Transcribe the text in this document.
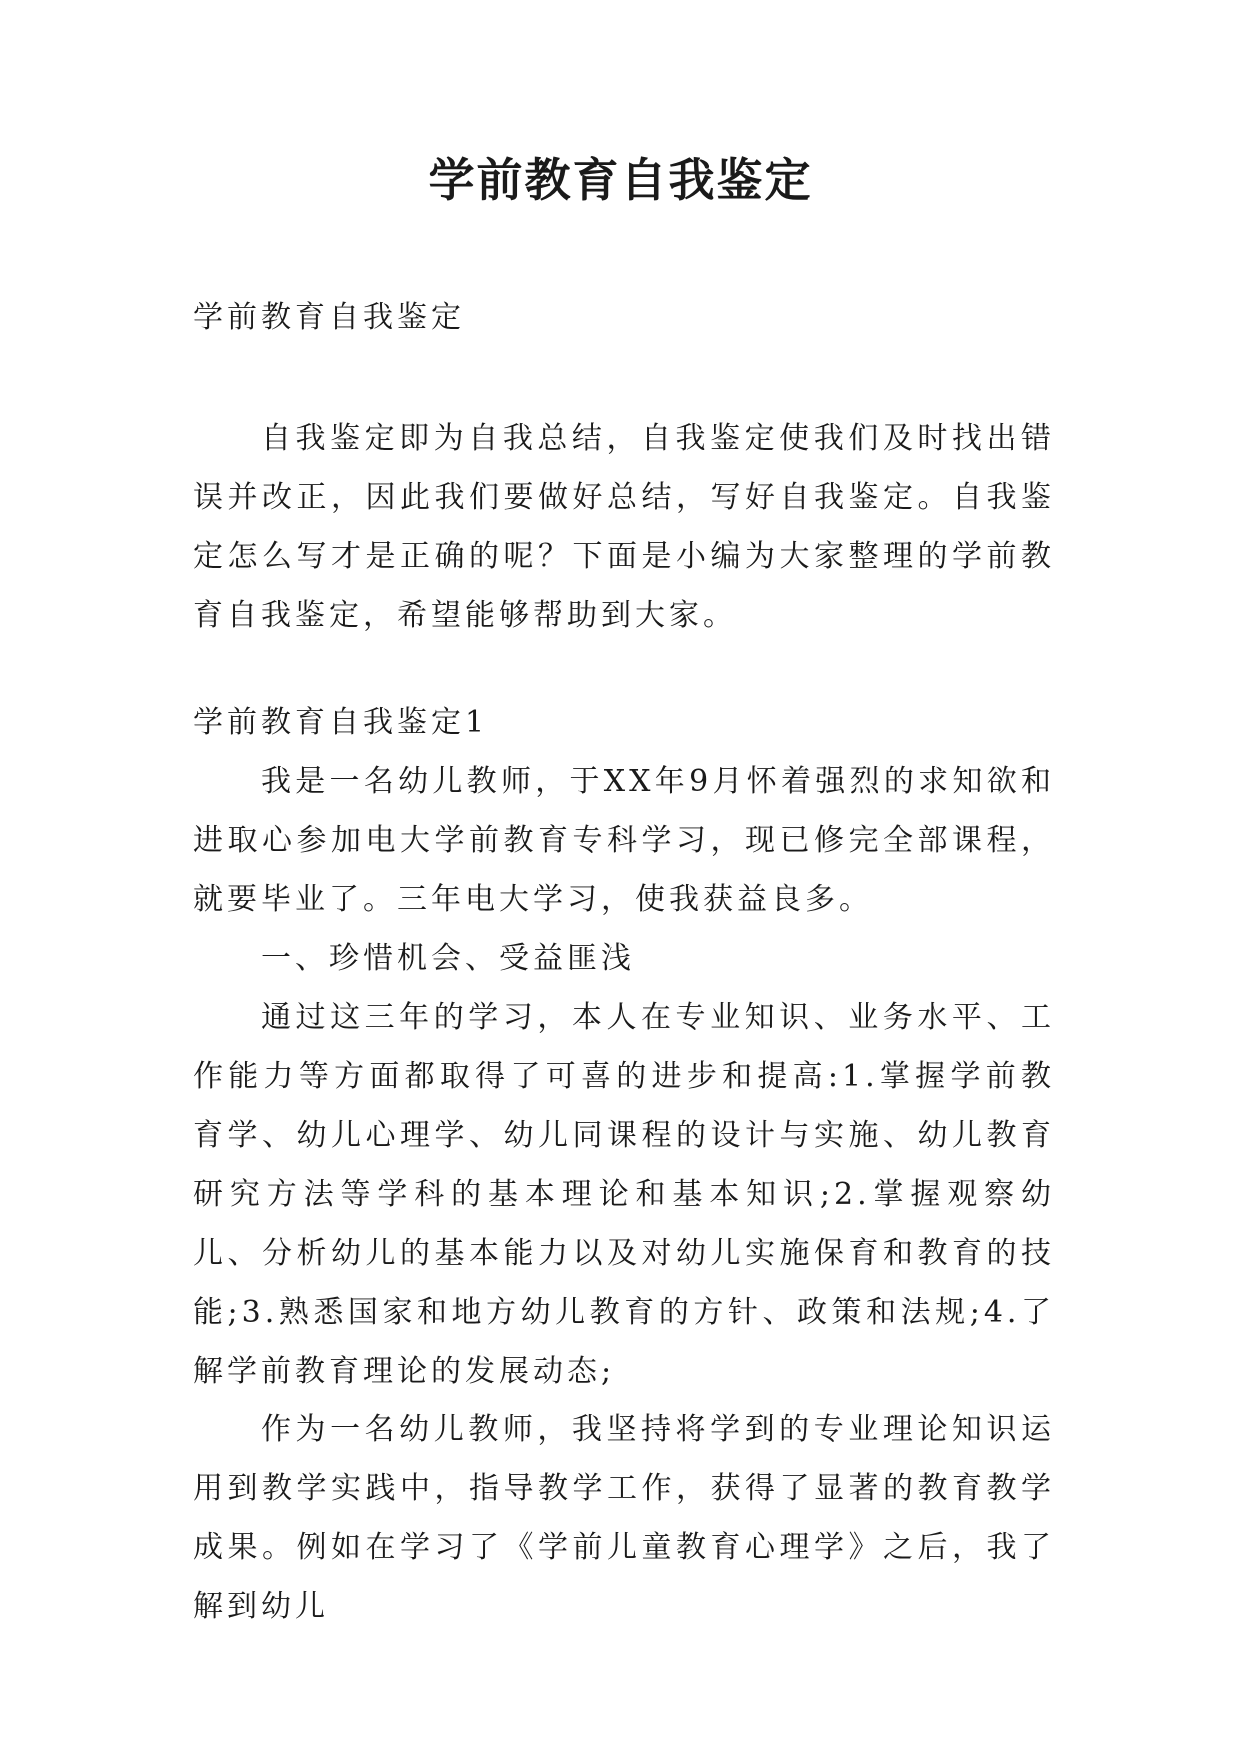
学前教育自我鉴定

学前教育自我鉴定

自我鉴定即为自我总结，自我鉴定使我们及时找出错误并改正，因此我们要做好总结，写好自我鉴定。自我鉴定怎么写才是正确的呢？下面是小编为大家整理的学前教育自我鉴定，希望能够帮助到大家。

学前教育自我鉴定1

我是一名幼儿教师，于XX年9月怀着强烈的求知欲和进取心参加电大学前教育专科学习，现已修完全部课程，就要毕业了。三年电大学习，使我获益良多。

一、珍惜机会、受益匪浅

通过这三年的学习，本人在专业知识、业务水平、工作能力等方面都取得了可喜的进步和提高:1.掌握学前教育学、幼儿心理学、幼儿同课程的设计与实施、幼儿教育研究方法等学科的基本理论和基本知识;2.掌握观察幼儿、分析幼儿的基本能力以及对幼儿实施保育和教育的技能;3.熟悉国家和地方幼儿教育的方针、政策和法规;4.了解学前教育理论的发展动态;

作为一名幼儿教师，我坚持将学到的专业理论知识运用到教学实践中，指导教学工作，获得了显著的教育教学成果。例如在学习了《学前儿童教育心理学》之后，我了解到幼儿
